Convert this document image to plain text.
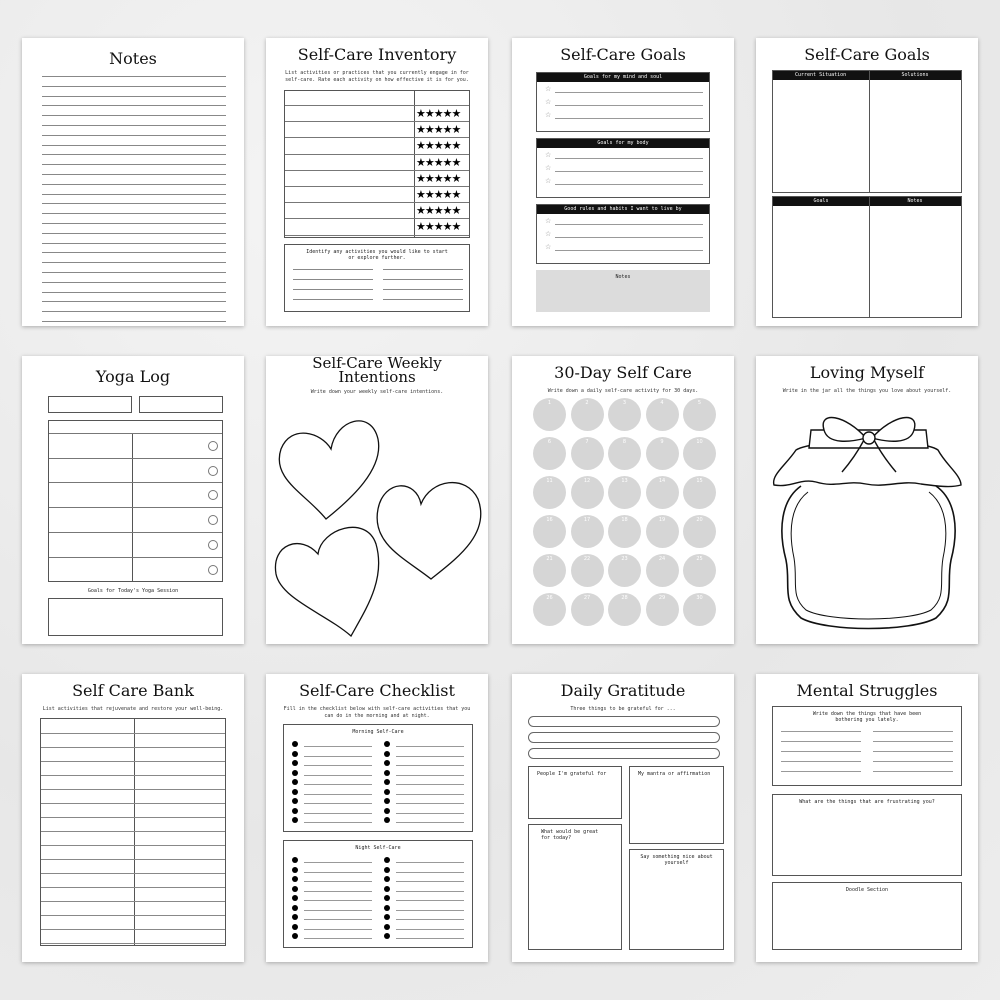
Notes	Self-Care Inventory
List activities or practices that you currently engage in for self-care. Rate each activity on how effective it is for you.
★★★★★
★★★★★
★★★★★
★★★★★
★★★★★
★★★★★
★★★★★
★★★★★
Identify any activities you would like to start or explore further.
Self-Care Goals
Goals for my mind and soul
☆
☆
☆
Goals for my body
☆
☆
☆
Good rules and habits I want to live by
☆
☆
☆
Notes
Self-Care Goals
Current Situation	Solutions
Goals	Notes
Yoga Log
Goals for Today's Yoga Session
Self-Care Weekly
Intentions
Write down your weekly self-care intentions.
30-Day Self Care
Write down a daily self-care activity for 30 days.
1	2	3	4	5
6	7	8	9	10
11	12	13	14	15
16	17	18	19	20
21	22	23	24	25
26	27	28	29	30
Loving Myself
Write in the jar all the things you love about yourself.
Self Care Bank
List activities that rejuvenate and restore your well-being.
Self-Care Checklist
Fill in the checklist below with self-care activities that you can do in the morning and at night.
Morning Self-Care
Night Self-Care
Daily Gratitude
Three things to be grateful for ...
People I'm grateful for
What would be great for today?
My mantra or affirmation
Say something nice about yourself
Mental Struggles
Write down the things that have been bothering you lately.
What are the things that are frustrating you?
Doodle Section
